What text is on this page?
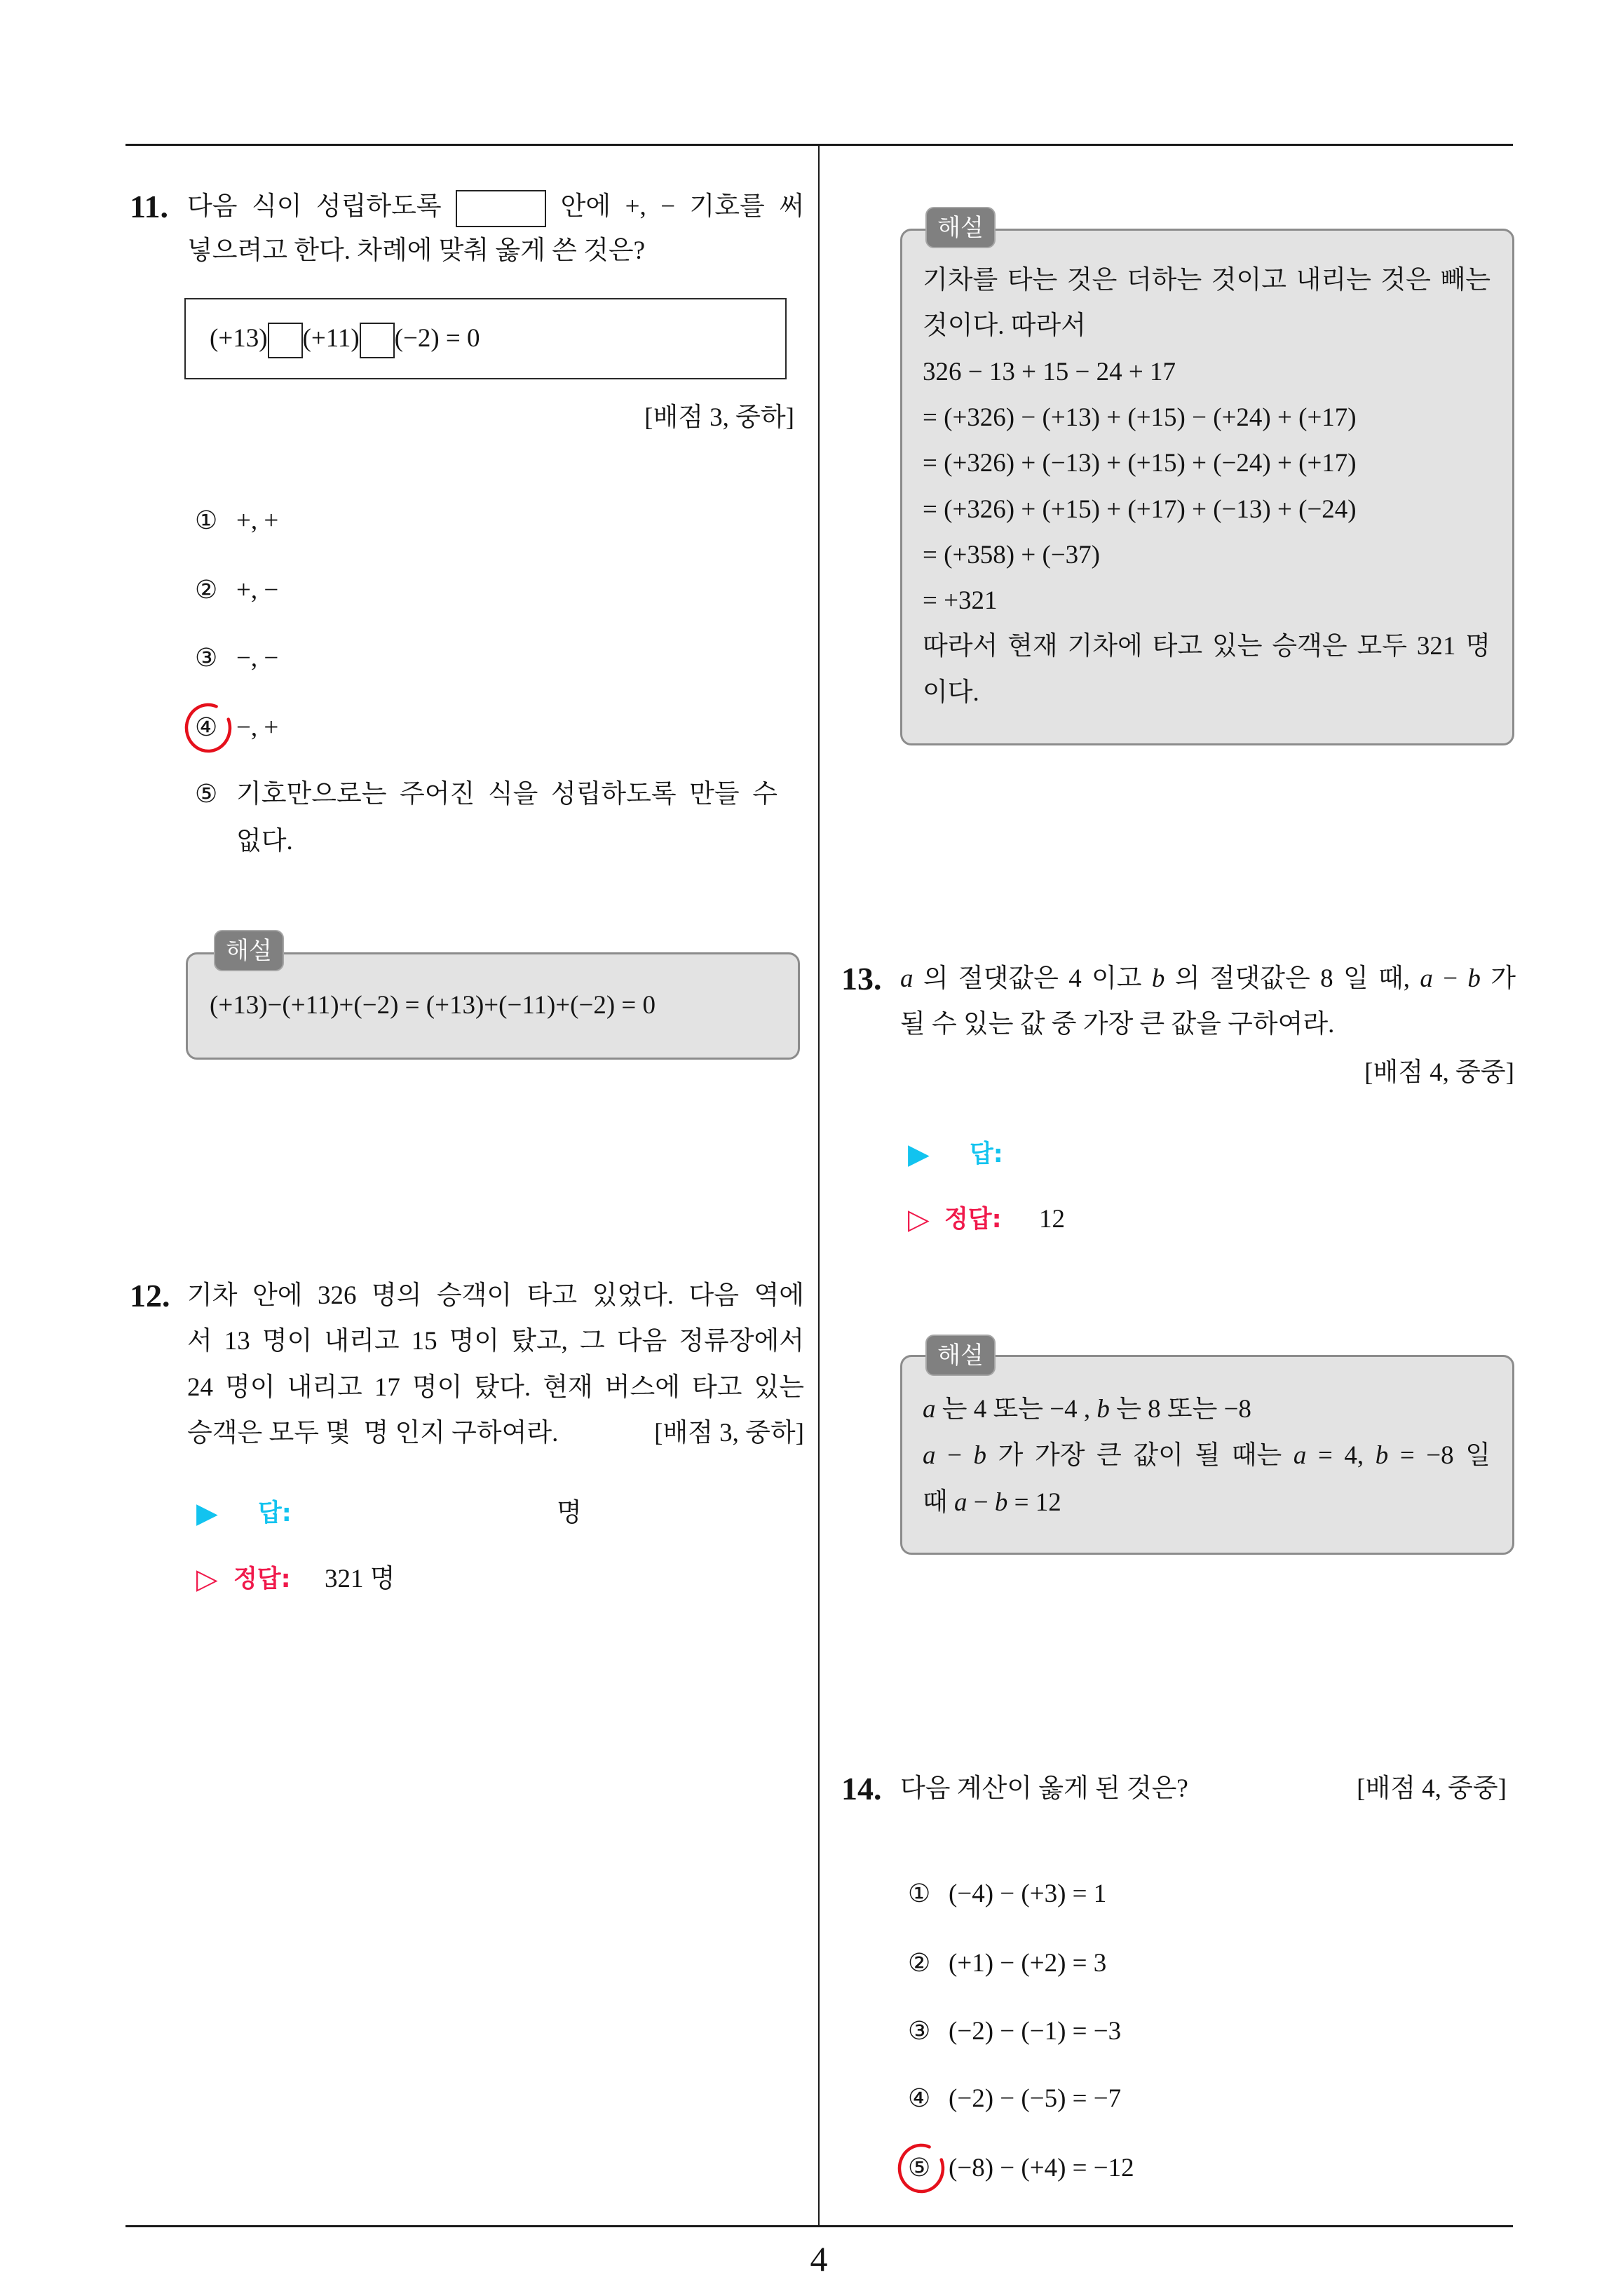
11. 다음 식이 성립하도록	안에 +, − 기호를 써
넣으려고 한다. 차례에 맞춰 옳게 쓴 것은?
(+13) (+11) (−2) = 0
[배점 3, 중하]
① +, +
② +, −
③ −, −
④ −, +
⑤ 기호만으로는 주어진 식을 성립하도록 만들 수
없다.
(+13)−(+11)+(−2) = (+13)+(−11)+(−2) = 0
해설
12. 기차 안에 326 명의 승객이 타고 있었다. 다음 역에
서 13 명이 내리고 15 명이 탔고, 그 다음 정류장에서
24 명이 내리고 17 명이 탔다. 현재 버스에 타고 있는
승객은 모두 몇  명 인지 구하여라.	[배점 3, 중하]
▶ 답:	명
▷ 정답: 321 명
기차를 타는 것은 더하는 것이고 내리는 것은 빼는
것이다. 따라서
326 − 13 + 15 − 24 + 17
= (+326) − (+13) + (+15) − (+24) + (+17)
= (+326) + (−13) + (+15) + (−24) + (+17)
= (+326) + (+15) + (+17) + (−13) + (−24)
= (+358) + (−37)
= +321
따라서 현재 기차에 타고 있는 승객은 모두 321 명
이다.
해설
13. a 의 절댓값은 4 이고 b 의 절댓값은 8 일 때, a − b 가
될 수 있는 값 중 가장 큰 값을 구하여라.
[배점 4, 중중]
▶ 답:
▷ 정답: 12
a 는 4 또는 −4 , b 는 8 또는 −8
a − b 가 가장 큰 값이 될 때는 a = 4, b = −8 일
때 a − b = 12
해설
14. 다음 계산이 옳게 된 것은?	[배점 4, 중중]
① (−4) − (+3) = 1
② (+1) − (+2) = 3
③ (−2) − (−1) = −3
④ (−2) − (−5) = −7
⑤ (−8) − (+4) = −12
4
